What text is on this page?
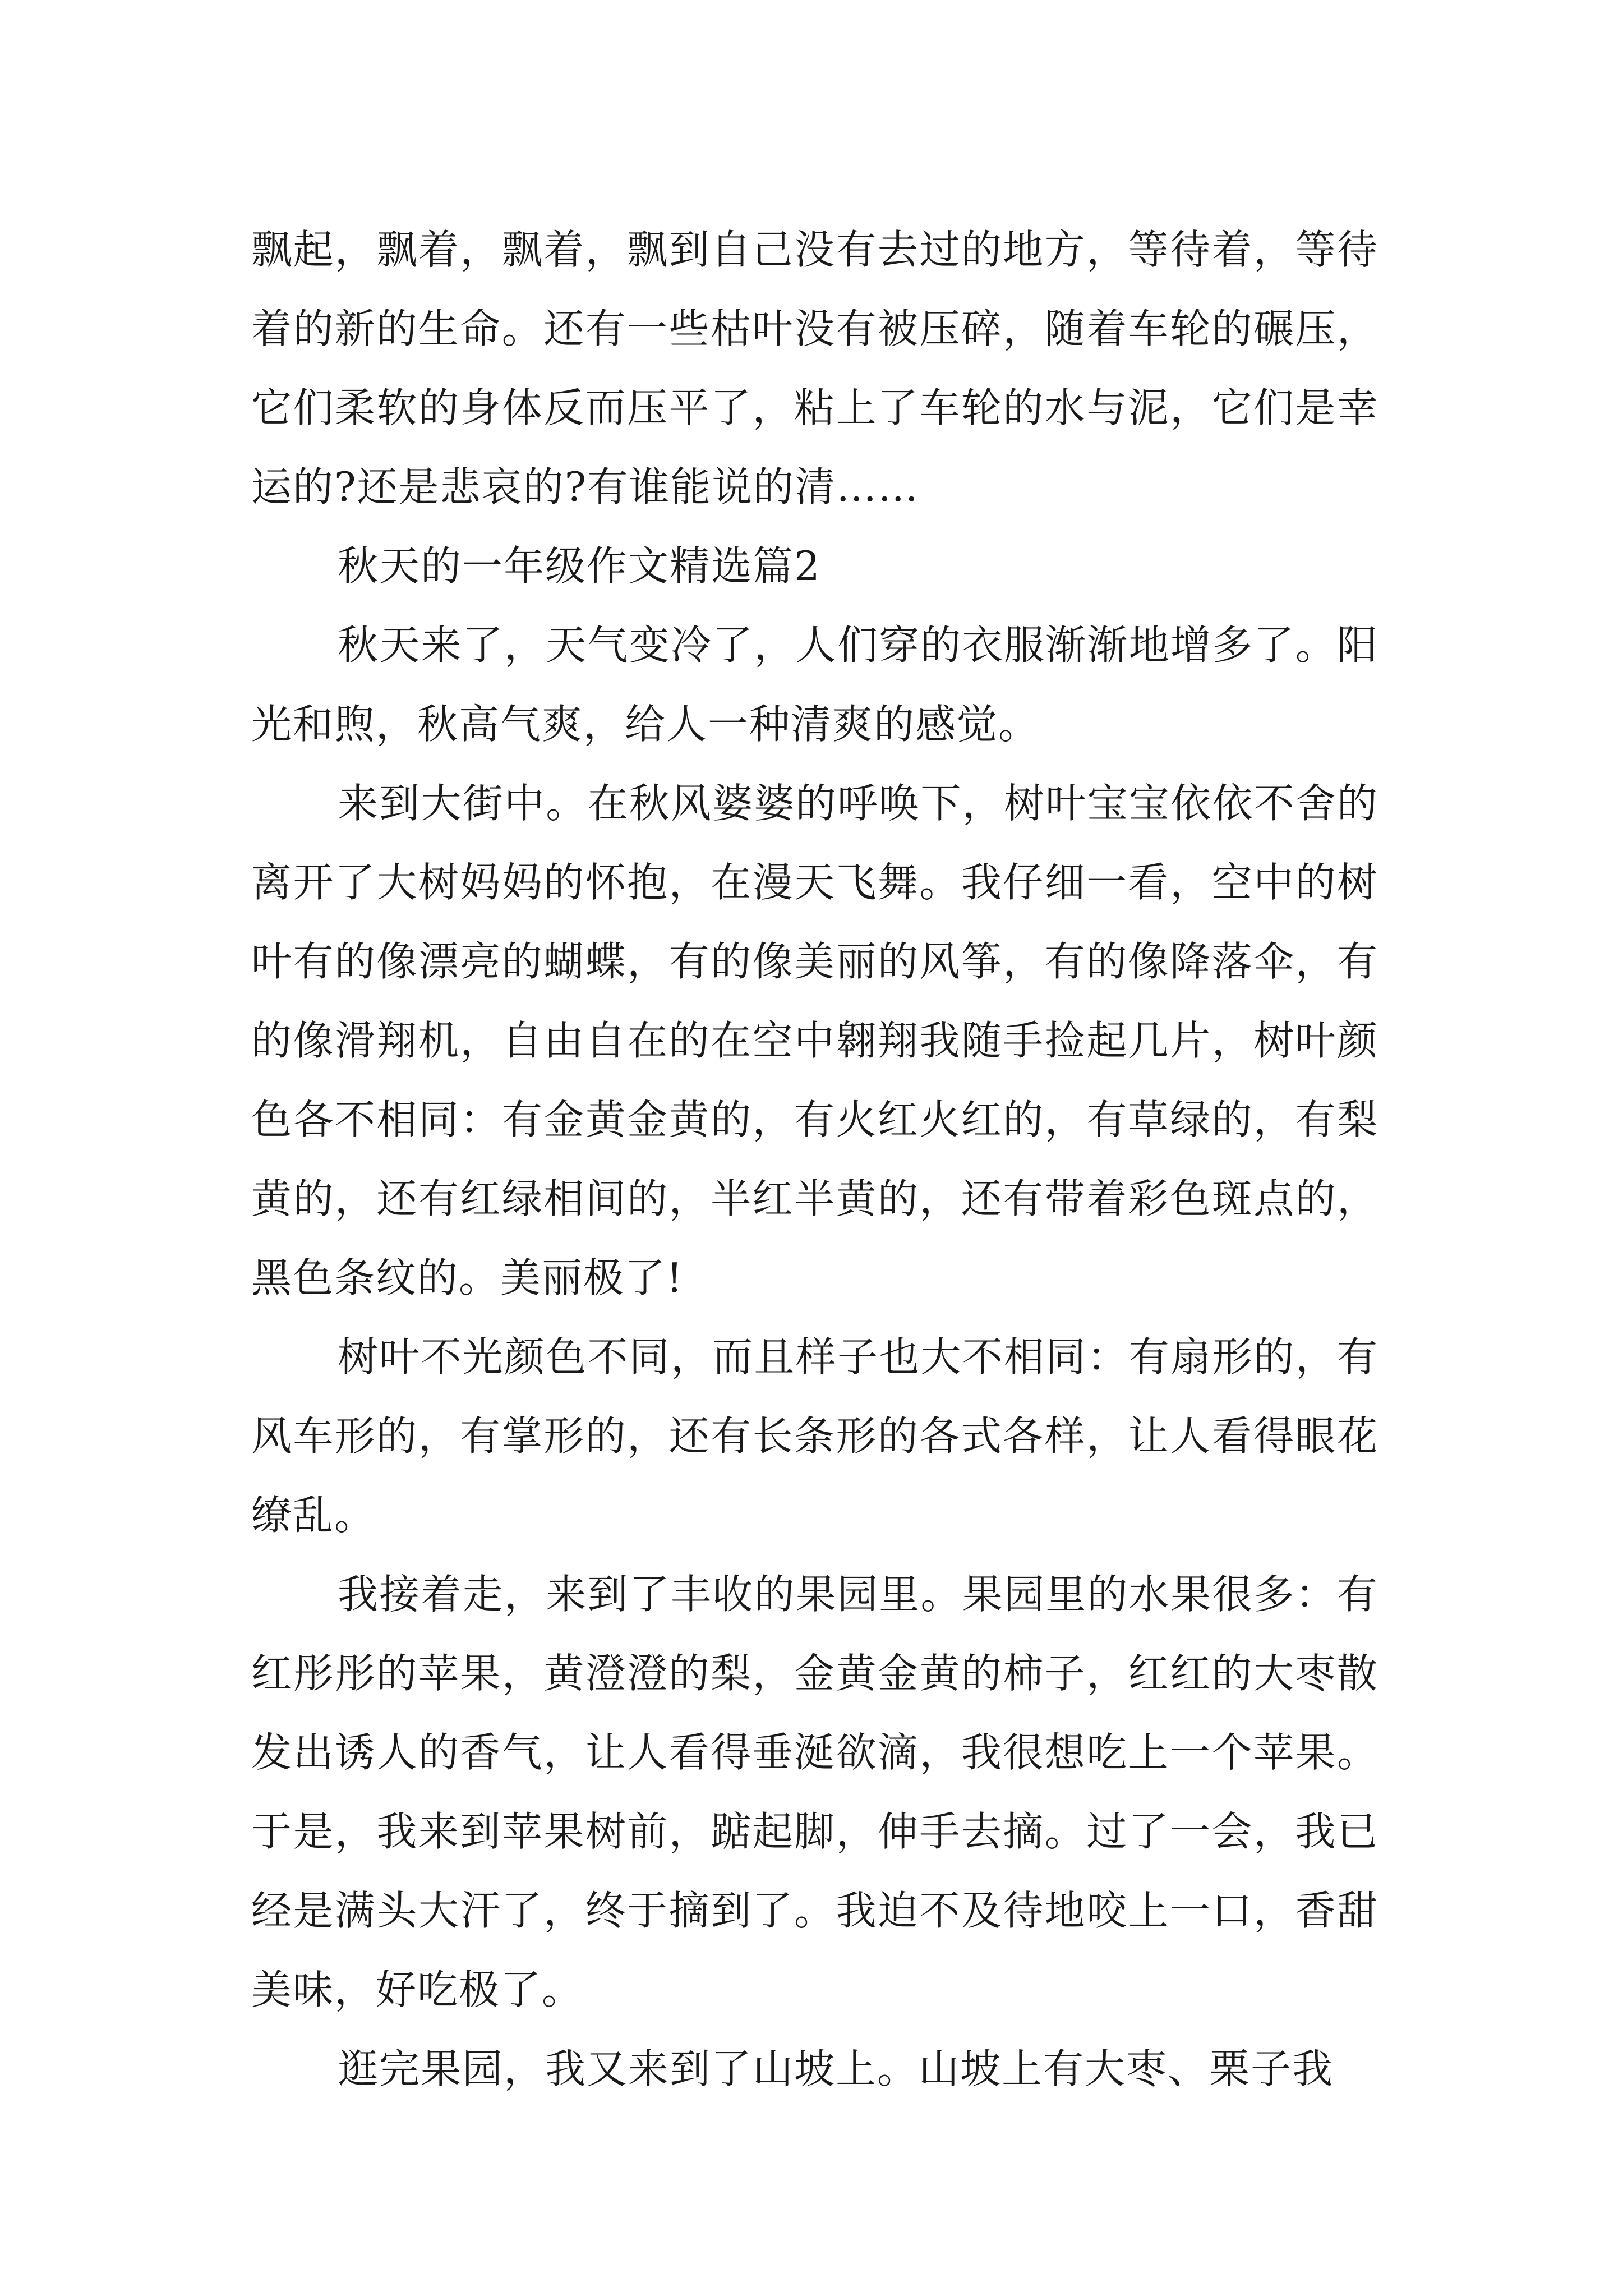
飘起，飘着，飘着，飘到自己没有去过的地方，等待着，等待着的新的生命。还有一些枯叶没有被压碎，随着车轮的碾压，它们柔软的身体反而压平了，粘上了车轮的水与泥，它们是幸运的?还是悲哀的?有谁能说的清……

秋天的一年级作文精选篇2

秋天来了，天气变冷了，人们穿的衣服渐渐地增多了。阳光和煦，秋高气爽，给人一种清爽的感觉。

来到大街中。在秋风婆婆的呼唤下，树叶宝宝依依不舍的离开了大树妈妈的怀抱，在漫天飞舞。我仔细一看，空中的树叶有的像漂亮的蝴蝶，有的像美丽的风筝，有的像降落伞，有的像滑翔机，自由自在的在空中翱翔我随手捡起几片，树叶颜色各不相同：有金黄金黄的，有火红火红的，有草绿的，有梨黄的，还有红绿相间的，半红半黄的，还有带着彩色斑点的，黑色条纹的。美丽极了!

树叶不光颜色不同，而且样子也大不相同：有扇形的，有风车形的，有掌形的，还有长条形的各式各样，让人看得眼花缭乱。

我接着走，来到了丰收的果园里。果园里的水果很多：有红彤彤的苹果，黄澄澄的梨，金黄金黄的柿子，红红的大枣散发出诱人的香气，让人看得垂涎欲滴，我很想吃上一个苹果。于是，我来到苹果树前，踮起脚，伸手去摘。过了一会，我已经是满头大汗了，终于摘到了。我迫不及待地咬上一口，香甜美味，好吃极了。

逛完果园，我又来到了山坡上。山坡上有大枣、栗子我
